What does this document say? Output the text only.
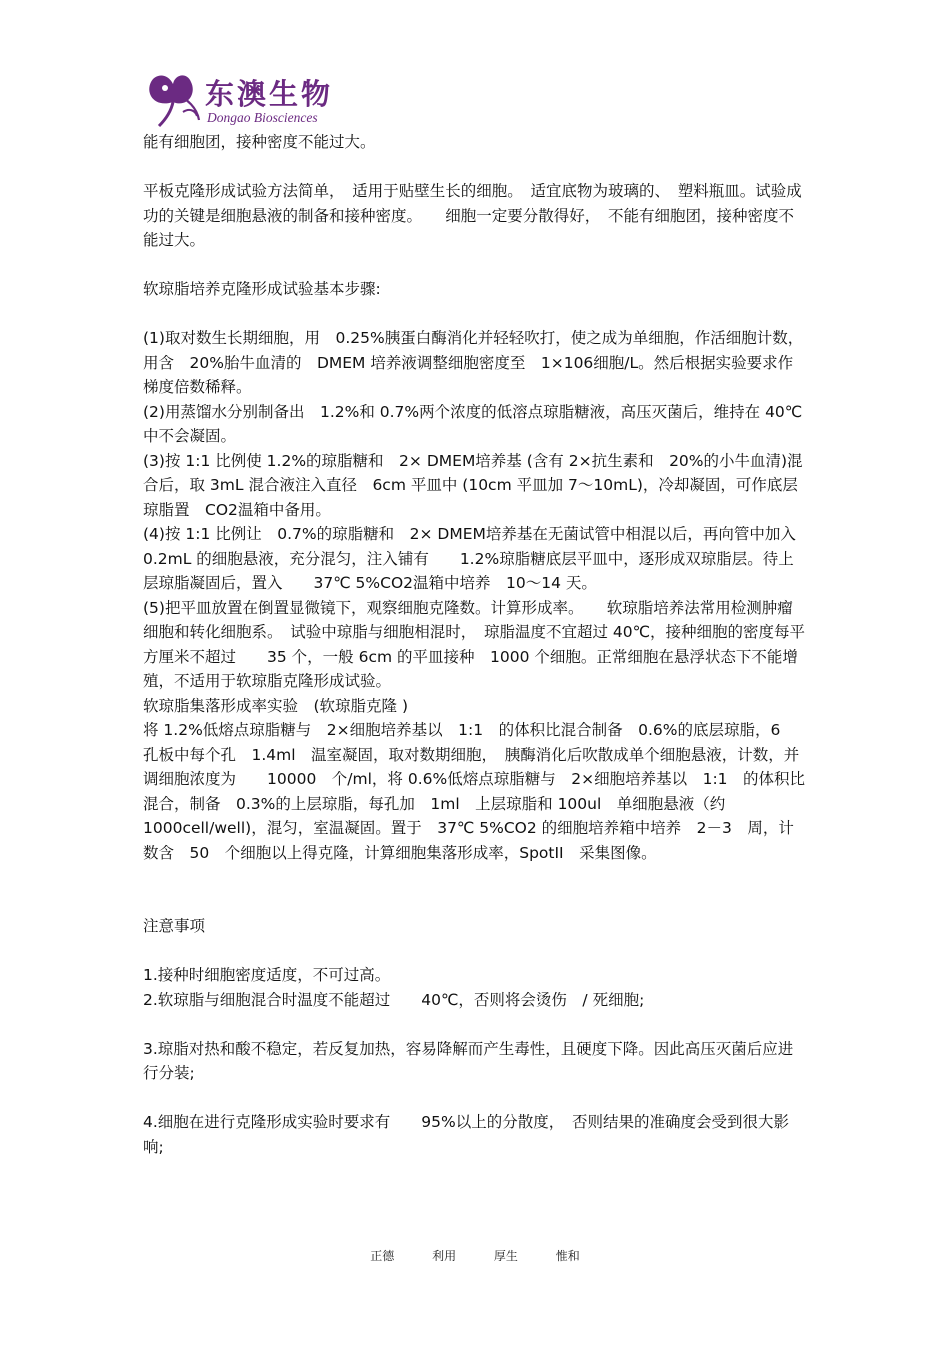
东澳生物
Dongao Biosciences

能有细胞团，接种密度不能过大。

平板克隆形成试验方法简单，　适用于贴壁生长的细胞。　适宜底物为玻璃的、　塑料瓶皿。试验成功的关键是细胞悬液的制备和接种密度。　　细胞一定要分散得好，　不能有细胞团，接种密度不能过大。

软琼脂培养克隆形成试验基本步骤:

(1)取对数生长期细胞，用　0.25%胰蛋白酶消化并轻轻吹打，使之成为单细胞，作活细胞计数，用含　20%胎牛血清的　DMEM 培养液调整细胞密度至　1×106细胞/L。然后根据实验要求作梯度倍数稀释。

(2)用蒸馏水分别制备出　1.2%和 0.7%两个浓度的低溶点琼脂糖液，高压灭菌后，维持在 40℃中不会凝固。

(3)按 1:1 比例使 1.2%的琼脂糖和　2× DMEM培养基 (含有 2×抗生素和　20%的小牛血清)混合后，取 3mL 混合液注入直径　6cm 平皿中 (10cm 平皿加 7～10mL)，冷却凝固，可作底层琼脂置　CO2温箱中备用。

(4)按 1:1 比例让　0.7%的琼脂糖和　2× DMEM培养基在无菌试管中相混以后，再向管中加入　0.2mL 的细胞悬液，充分混匀，注入铺有　　1.2%琼脂糖底层平皿中，逐形成双琼脂层。待上层琼脂凝固后，置入　　37℃ 5%CO2温箱中培养　10～14 天。

(5)把平皿放置在倒置显微镜下，观察细胞克隆数。计算形成率。　　软琼脂培养法常用检测肿瘤细胞和转化细胞系。　试验中琼脂与细胞相混时，　琼脂温度不宜超过 40℃，接种细胞的密度每平方厘米不超过　　35 个，一般 6cm 的平皿接种　1000 个细胞。正常细胞在悬浮状态下不能增殖，不适用于软琼脂克隆形成试验。

软琼脂集落形成率实验　(软琼脂克隆 )

将 1.2%低熔点琼脂糖与　2×细胞培养基以　1:1　的体积比混合制备　0.6%的底层琼脂，6　孔板中每个孔　1.4ml　温室凝固，取对数期细胞，　胰酶消化后吹散成单个细胞悬液，计数，并调细胞浓度为　　10000　个/ml，将 0.6%低熔点琼脂糖与　2×细胞培养基以　1:1　的体积比混合，制备　0.3%的上层琼脂，每孔加　1ml　上层琼脂和 100ul　单细胞悬液（约　1000cell/well)，混匀，室温凝固。置于　37℃ 5%CO2 的细胞培养箱中培养　2－3　周，计数含　50　个细胞以上得克隆，计算细胞集落形成率，SpotII　采集图像。

注意事项

1.接种时细胞密度适度，不可过高。

2.软琼脂与细胞混合时温度不能超过　　40℃，否则将会烫伤　/ 死细胞;

3.琼脂对热和酸不稳定，若反复加热，容易降解而产生毒性，且硬度下降。因此高压灭菌后应进行分装;

4.细胞在进行克隆形成实验时要求有　　95%以上的分散度，　否则结果的准确度会受到很大影响;

正德	利用	厚生	惟和
